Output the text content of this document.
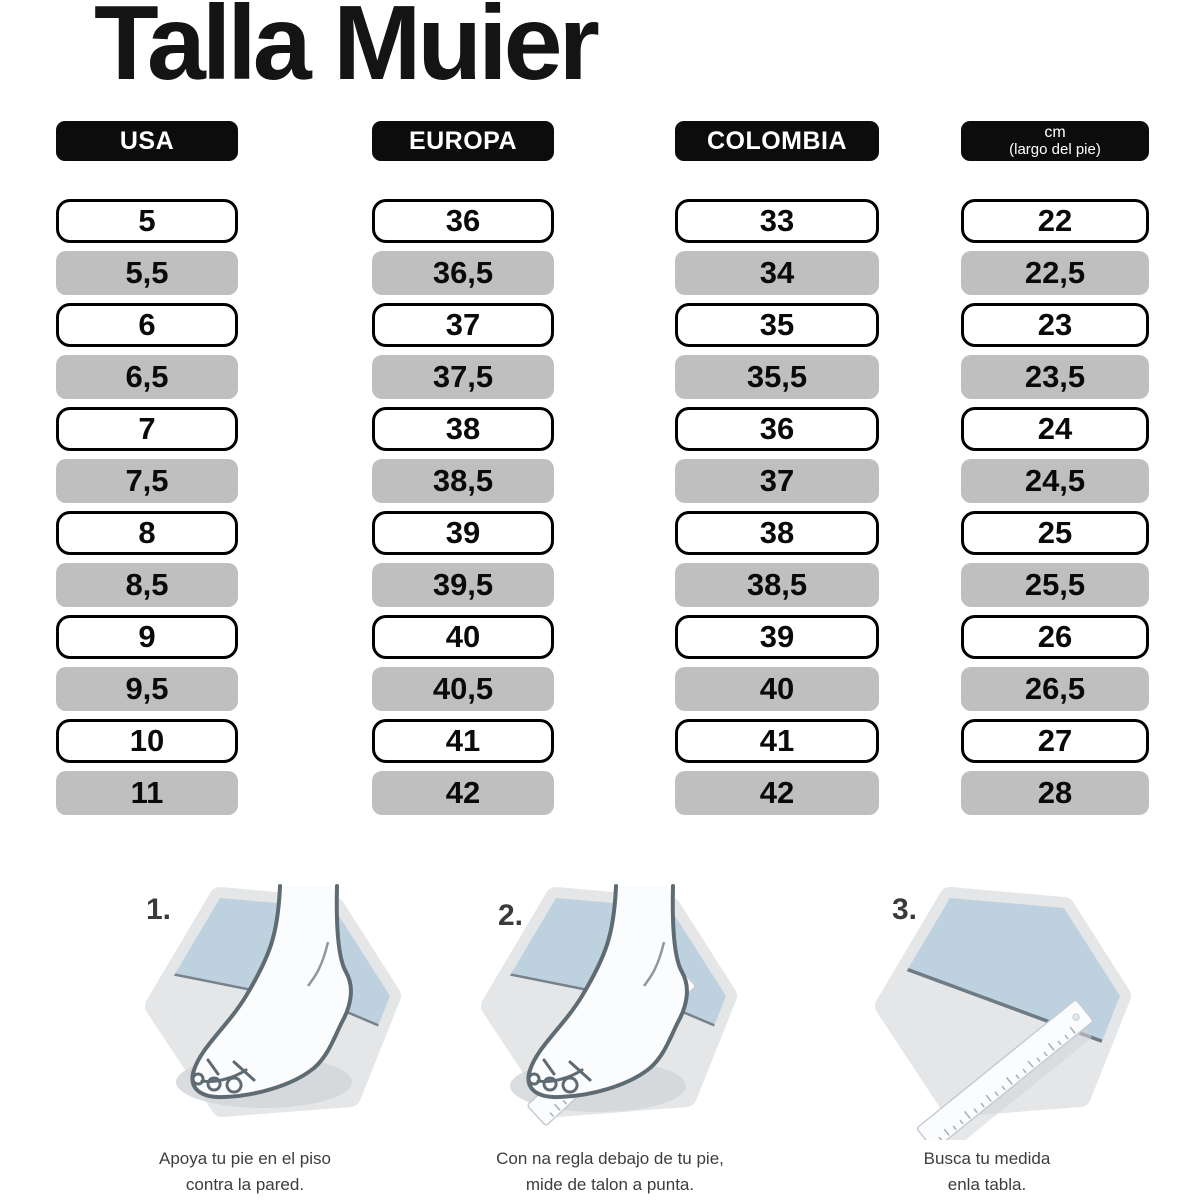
Talla Muier
USA
5
5,5
6
6,5
7
7,5
8
8,5
9
9,5
10
11
EUROPA
36
36,5
37
37,5
38
38,5
39
39,5
40
40,5
41
42
COLOMBIA
33
34
35
35,5
36
37
38
38,5
39
40
41
42
cm
(largo del pie)
22
22,5
23
23,5
24
24,5
25
25,5
26
26,5
27
28
1.	2.	3.
Apoya tu pie en el piso
contra la pared.
Con na regla debajo de tu pie,
mide de talon a punta.
Busca tu medida
enla tabla.
